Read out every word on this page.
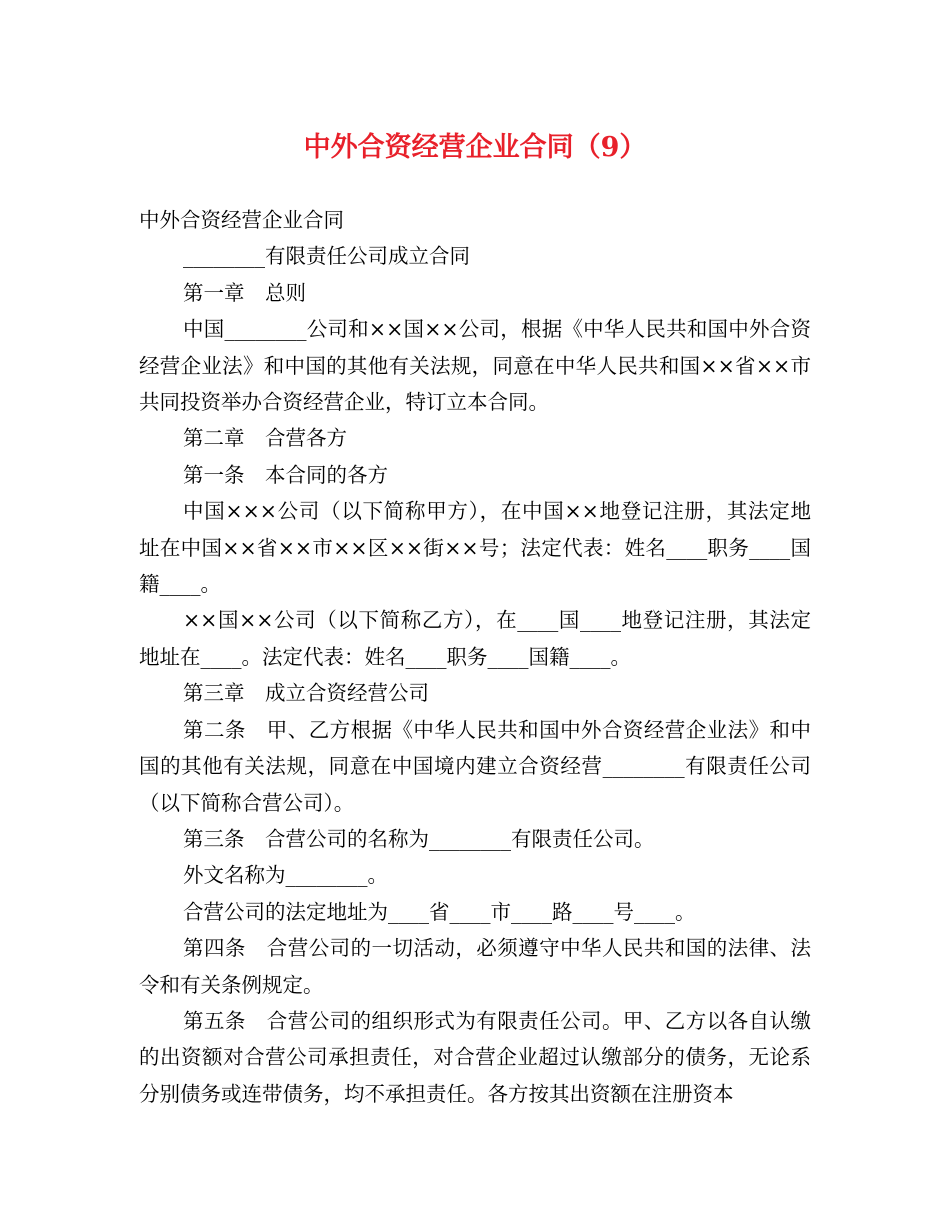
中外合资经营企业合同（9）

中外合资经营企业合同

________有限责任公司成立合同

第一章　总则

中国________公司和××国××公司，根据《中华人民共和国中外合资经营企业法》和中国的其他有关法规，同意在中华人民共和国××省××市共同投资举办合资经营企业，特订立本合同。

第二章　合营各方

第一条　本合同的各方

中国×××公司（以下简称甲方），在中国××地登记注册，其法定地址在中国××省××市××区××街××号；法定代表：姓名____职务____国籍____。

××国××公司（以下简称乙方），在____国____地登记注册，其法定地址在____。法定代表：姓名____职务____国籍____。

第三章　成立合资经营公司

第二条　甲、乙方根据《中华人民共和国中外合资经营企业法》和中国的其他有关法规，同意在中国境内建立合资经营________有限责任公司（以下简称合营公司）。

第三条　合营公司的名称为________有限责任公司。

外文名称为________。

合营公司的法定地址为____省____市____路____号____。

第四条　合营公司的一切活动，必须遵守中华人民共和国的法律、法令和有关条例规定。

第五条　合营公司的组织形式为有限责任公司。甲、乙方以各自认缴的出资额对合营公司承担责任，对合营企业超过认缴部分的债务，无论系分别债务或连带债务，均不承担责任。各方按其出资额在注册资本
